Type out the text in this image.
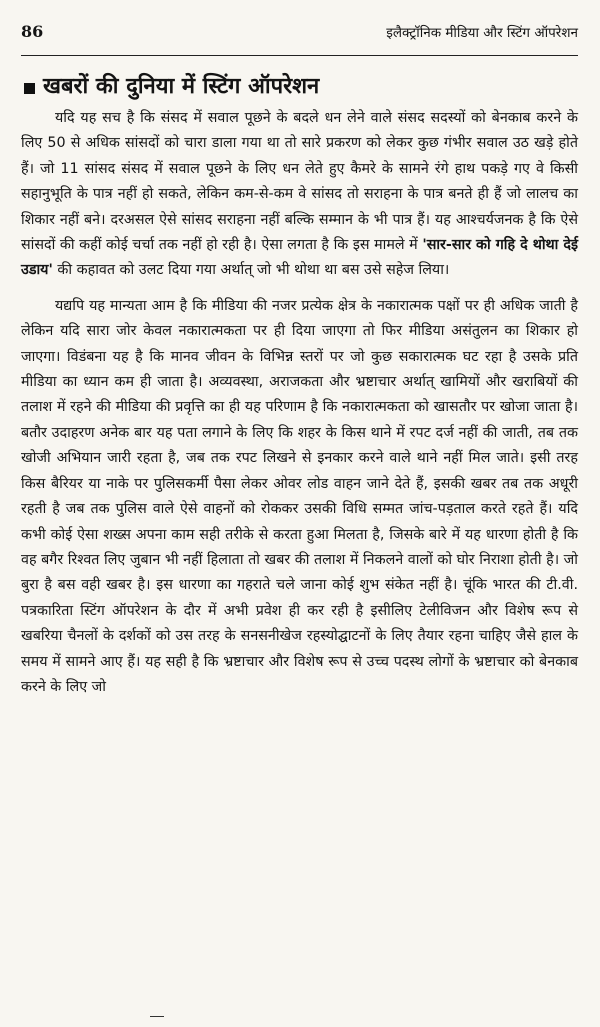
86	इलैक्ट्रॉनिक मीडिया और स्टिंग ऑपरेशन
खबरों की दुनिया में स्टिंग ऑपरेशन

यदि यह सच है कि संसद में सवाल पूछने के बदले धन लेने वाले संसद सदस्यों को बेनकाब करने के लिए 50 से अधिक सांसदों को चारा डाला गया था तो सारे प्रकरण को लेकर कुछ गंभीर सवाल उठ खड़े होते हैं। जो 11 सांसद संसद में सवाल पूछने के लिए धन लेते हुए कैमरे के सामने रंगे हाथ पकड़े गए वे किसी सहानुभूति के पात्र नहीं हो सकते, लेकिन कम-से-कम वे सांसद तो सराहना के पात्र बनते ही हैं जो लालच का शिकार नहीं बने। दरअसल ऐसे सांसद सराहना नहीं बल्कि सम्मान के भी पात्र हैं। यह आश्चर्यजनक है कि ऐसे सांसदों की कहीं कोई चर्चा तक नहीं हो रही है। ऐसा लगता है कि इस मामले में 'सार-सार को गहि दे थोथा देई उडाय' की कहावत को उलट दिया गया अर्थात् जो भी थोथा था बस उसे सहेज लिया।

यद्यपि यह मान्यता आम है कि मीडिया की नजर प्रत्येक क्षेत्र के नकारात्मक पक्षों पर ही अधिक जाती है लेकिन यदि सारा जोर केवल नकारात्मकता पर ही दिया जाएगा तो फिर मीडिया असंतुलन का शिकार हो जाएगा। विडंबना यह है कि मानव जीवन के विभिन्न स्तरों पर जो कुछ सकारात्मक घट रहा है उसके प्रति मीडिया का ध्यान कम ही जाता है। अव्यवस्था, अराजकता और भ्रष्टाचार अर्थात् खामियों और खराबियों की तलाश में रहने की मीडिया की प्रवृत्ति का ही यह परिणाम है कि नकारात्मकता को खासतौर पर खोजा जाता है। बतौर उदाहरण अनेक बार यह पता लगाने के लिए कि शहर के किस थाने में रपट दर्ज नहीं की जाती, तब तक खोजी अभियान जारी रहता है, जब तक रपट लिखने से इनकार करने वाले थाने नहीं मिल जाते। इसी तरह किस बैरियर या नाके पर पुलिसकर्मी पैसा लेकर ओवर लोड वाहन जाने देते हैं, इसकी खबर तब तक अधूरी रहती है जब तक पुलिस वाले ऐसे वाहनों को रोककर उसकी विधि सम्मत जांच-पड़ताल करते रहते हैं। यदि कभी कोई ऐसा शख्स अपना काम सही तरीके से करता हुआ मिलता है, जिसके बारे में यह धारणा होती है कि वह बगैर रिश्वत लिए जुबान भी नहीं हिलाता तो खबर की तलाश में निकलने वालों को घोर निराशा होती है। जो बुरा है बस वही खबर है। इस धारणा का गहराते चले जाना कोई शुभ संकेत नहीं है। चूंकि भारत की टी.वी. पत्रकारिता स्टिंग ऑपरेशन के दौर में अभी प्रवेश ही कर रही है इसीलिए टेलीविजन और विशेष रूप से खबरिया चैनलों के दर्शकों को उस तरह के सनसनीखेज रहस्योद्घाटनों के लिए तैयार रहना चाहिए जैसे हाल के समय में सामने आए हैं। यह सही है कि भ्रष्टाचार और विशेष रूप से उच्च पदस्थ लोगों के भ्रष्टाचार को बेनकाब करने के लिए जो
